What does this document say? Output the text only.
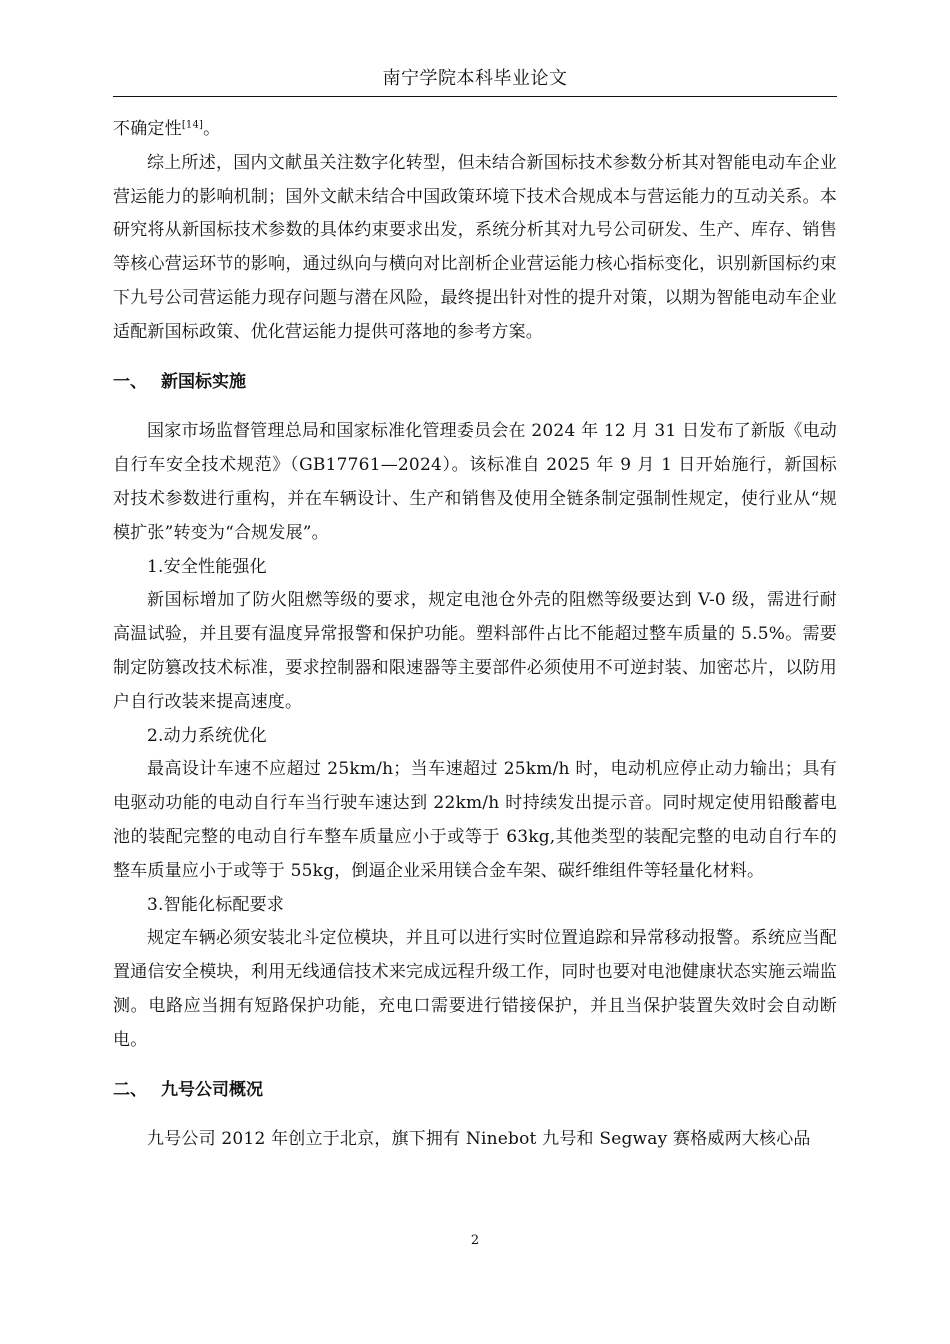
南宁学院本科毕业论文

不确定性[14]。

综上所述，国内文献虽关注数字化转型，但未结合新国标技术参数分析其对智能电动车企业营运能力的影响机制；国外文献未结合中国政策环境下技术合规成本与营运能力的互动关系。本研究将从新国标技术参数的具体约束要求出发，系统分析其对九号公司研发、生产、库存、销售等核心营运环节的影响，通过纵向与横向对比剖析企业营运能力核心指标变化，识别新国标约束下九号公司营运能力现存问题与潜在风险，最终提出针对性的提升对策，以期为智能电动车企业适配新国标政策、优化营运能力提供可落地的参考方案。

一、 新国标实施

国家市场监督管理总局和国家标准化管理委员会在 2024 年 12 月 31 日发布了新版《电动自行车安全技术规范》（GB17761—2024）。该标准自 2025 年 9 月 1 日开始施行，新国标对技术参数进行重构，并在车辆设计、生产和销售及使用全链条制定强制性规定，使行业从“规模扩张”转变为“合规发展”。

1.安全性能强化

新国标增加了防火阻燃等级的要求，规定电池仓外壳的阻燃等级要达到 V-0 级，需进行耐高温试验，并且要有温度异常报警和保护功能。塑料部件占比不能超过整车质量的 5.5%。需要制定防篡改技术标准，要求控制器和限速器等主要部件必须使用不可逆封装、加密芯片，以防用户自行改装来提高速度。

2.动力系统优化

最高设计车速不应超过 25km/h；当车速超过 25km/h 时，电动机应停止动力输出；具有电驱动功能的电动自行车当行驶车速达到 22km/h 时持续发出提示音。同时规定使用铅酸蓄电池的装配完整的电动自行车整车质量应小于或等于 63kg,其他类型的装配完整的电动自行车的整车质量应小于或等于 55kg，倒逼企业采用镁合金车架、碳纤维组件等轻量化材料。

3.智能化标配要求

规定车辆必须安装北斗定位模块，并且可以进行实时位置追踪和异常移动报警。系统应当配置通信安全模块，利用无线通信技术来完成远程升级工作，同时也要对电池健康状态实施云端监测。电路应当拥有短路保护功能，充电口需要进行错接保护，并且当保护装置失效时会自动断电。

二、 九号公司概况

九号公司 2012 年创立于北京，旗下拥有 Ninebot 九号和 Segway 赛格威两大核心品

2
